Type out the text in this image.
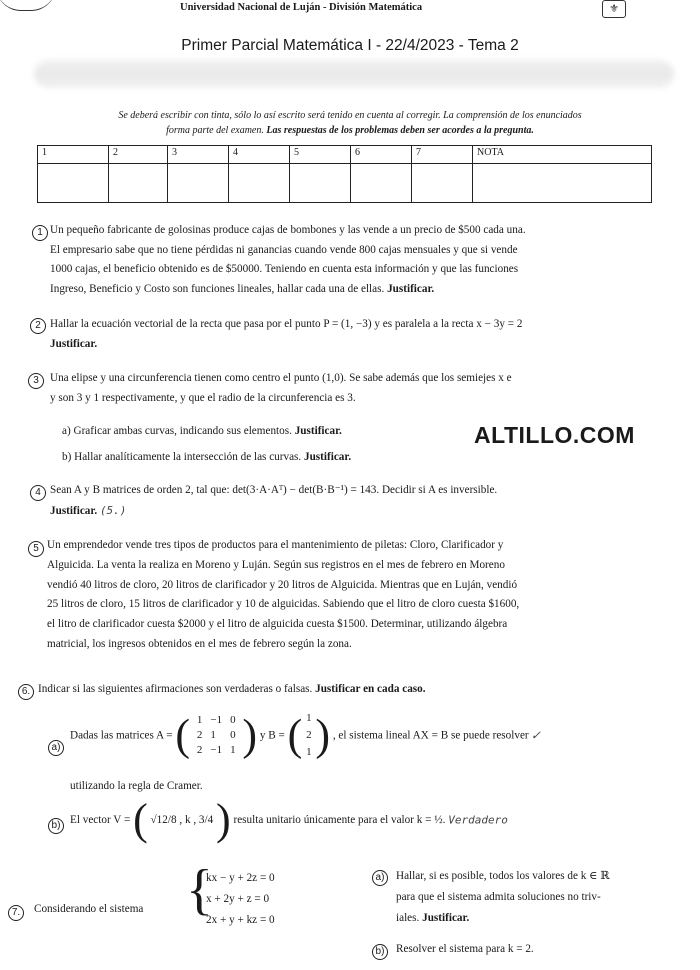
Universidad Nacional de Luján - División Matemática	⚜
Primer Parcial Matemática I - 22/4/2023 - Tema 2
Se deberá escribir con tinta, sólo lo así escrito será tenido en cuenta al corregir. La comprensión de los enunciados
forma parte del examen. Las respuestas de los problemas deben ser acordes a la pregunta.
1	2	3	4	5	6	7	NOTA

1 Un pequeño fabricante de golosinas produce cajas de bombones y las vende a un precio de $500 cada una.
El empresario sabe que no tiene pérdidas ni ganancias cuando vende 800 cajas mensuales y que si vende
1000 cajas, el beneficio obtenido es de $50000. Teniendo en cuenta esta información y que las funciones
Ingreso, Beneficio y Costo son funciones lineales, hallar cada una de ellas. Justificar.
2 Hallar la ecuación vectorial de la recta que pasa por el punto P = (1, −3) y es paralela a la recta x − 3y = 2
Justificar.
3	Una elipse y una circunferencia tienen como centro el punto (1,0). Se sabe además que los semiejes x e
y son 3 y 1 respectivamente, y que el radio de la circunferencia es 3.
a) Graficar ambas curvas, indicando sus elementos. Justificar.
b) Hallar analíticamente la intersección de las curvas. Justificar.
ALTILLO.COM
4 Sean A y B matrices de orden 2, tal que: det(3·A·Aᵀ) − det(B·B⁻¹) = 143. Decidir si A es inversible.
Justificar. (5.)
5 Un emprendedor vende tres tipos de productos para el mantenimiento de piletas: Cloro, Clarificador y
Alguicida. La venta la realiza en Moreno y Luján. Según sus registros en el mes de febrero en Moreno
vendió 40 litros de cloro, 20 litros de clarificador y 20 litros de Alguicida. Mientras que en Luján, vendió
25 litros de cloro, 15 litros de clarificador y 10 de alguicidas. Sabiendo que el litro de cloro cuesta $1600,
el litro de clarificador cuesta $2000 y el litro de alguicida cuesta $1500. Determinar, utilizando álgebra
matricial, los ingresos obtenidos en el mes de febrero según la zona.
6. Indicar si las siguientes afirmaciones son verdaderas o falsas. Justificar en cada caso.
a)
Dadas las matrices A = ( 1	−1	0
2	1	0
2	−1	1 ) y B = ( 1
2
1 ) , el sistema lineal AX = B se puede resolver ✓
utilizando la regla de Cramer.
b) El vector V = ( √12/8 , k , 3/4 ) resulta unitario únicamente para el valor k = ½. Verdadero
7.	Considerando el sistema {
kx − y + 2z = 0
x + 2y + z = 0
2x + y + kz = 0
a)	Hallar, si es posible, todos los valores de k ∈ ℝ
para que el sistema admita soluciones no triv-
iales. Justificar.
b)	Resolver el sistema para k = 2.
